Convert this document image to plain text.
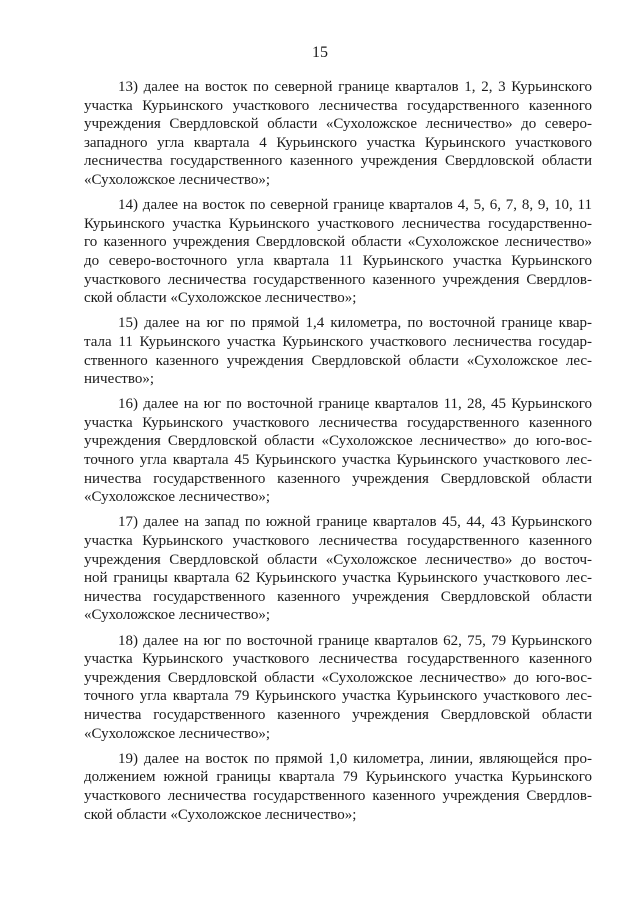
15
13) далее на восток по северной границе кварталов 1, 2, 3 Курьинского
участка Курьинского участкового лесничества государственного казенного
учреждения Свердловской области «Сухоложское лесничество» до северо-
западного угла квартала 4 Курьинского участка Курьинского участкового
лесничества государственного казенного учреждения Свердловской области
«Сухоложское лесничество»;
14) далее на восток по северной границе кварталов 4, 5, 6, 7, 8, 9, 10, 11
Курьинского участка Курьинского участкового лесничества государственно-
го казенного учреждения Свердловской области «Сухоложское лесничество»
до северо-восточного угла квартала 11 Курьинского участка Курьинского
участкового лесничества государственного казенного учреждения Свердлов-
ской области «Сухоложское лесничество»;
15) далее на юг по прямой 1,4 километра, по восточной границе квар-
тала 11 Курьинского участка Курьинского участкового лесничества государ-
ственного казенного учреждения Свердловской области «Сухоложское лес-
ничество»;
16) далее на юг по восточной границе кварталов 11, 28, 45 Курьинского
участка Курьинского участкового лесничества государственного казенного
учреждения Свердловской области «Сухоложское лесничество» до юго-вос-
точного угла квартала 45 Курьинского участка Курьинского участкового лес-
ничества государственного казенного учреждения Свердловской области
«Сухоложское лесничество»;
17) далее на запад по южной границе кварталов 45, 44, 43 Курьинского
участка Курьинского участкового лесничества государственного казенного
учреждения Свердловской области «Сухоложское лесничество» до восточ-
ной границы квартала 62 Курьинского участка Курьинского участкового лес-
ничества государственного казенного учреждения Свердловской области
«Сухоложское лесничество»;
18) далее на юг по восточной границе кварталов 62, 75, 79 Курьинского
участка Курьинского участкового лесничества государственного казенного
учреждения Свердловской области «Сухоложское лесничество» до юго-вос-
точного угла квартала 79 Курьинского участка Курьинского участкового лес-
ничества государственного казенного учреждения Свердловской области
«Сухоложское лесничество»;
19) далее на восток по прямой 1,0 километра, линии, являющейся про-
должением южной границы квартала 79 Курьинского участка Курьинского
участкового лесничества государственного казенного учреждения Свердлов-
ской области «Сухоложское лесничество»;
